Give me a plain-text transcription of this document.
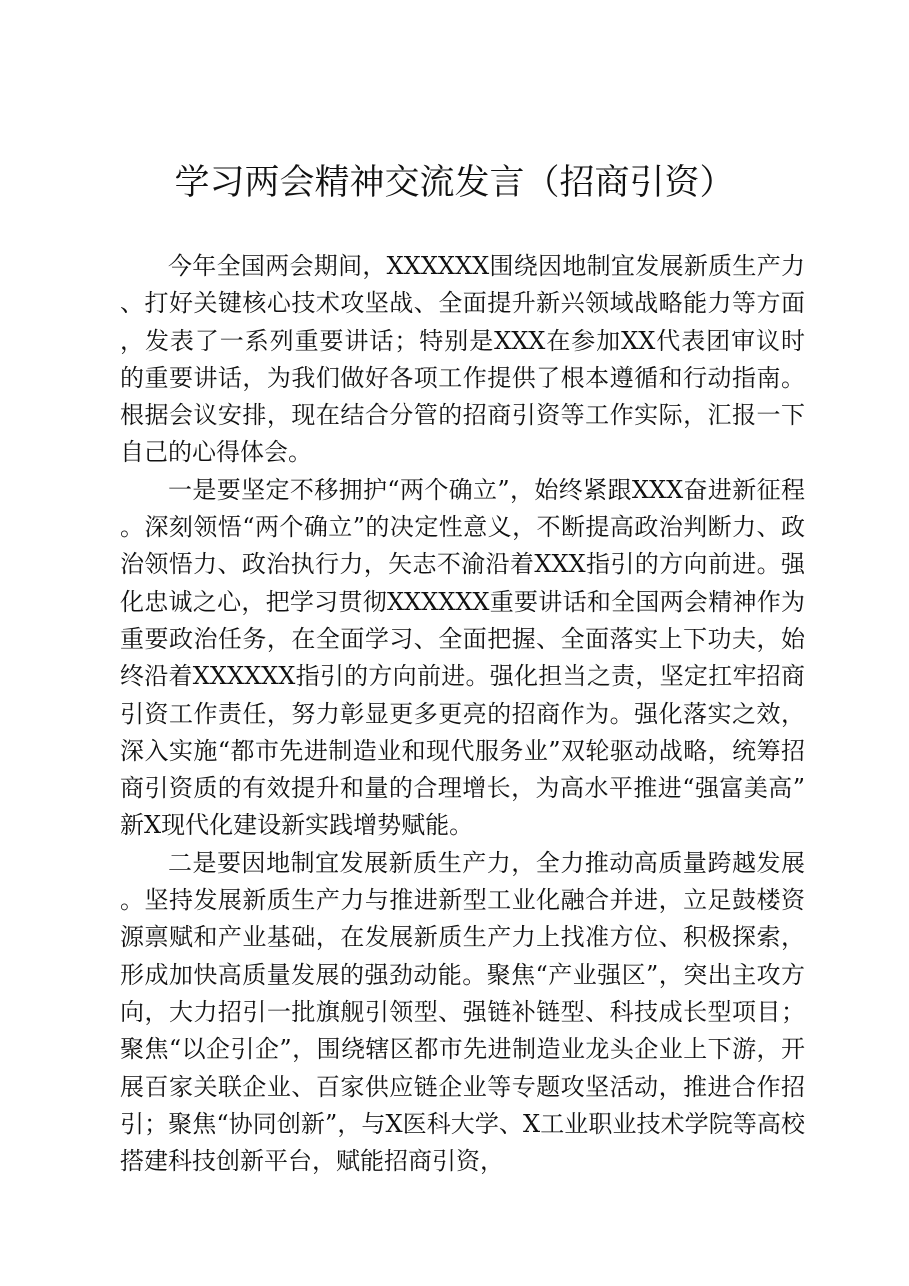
学习两会精神交流发言（招商引资）

今年全国两会期间，XXXXXX围绕因地制宜发展新质生产力、打好关键核心技术攻坚战、全面提升新兴领域战略能力等方面，发表了一系列重要讲话；特别是XXX在参加XX代表团审议时的重要讲话，为我们做好各项工作提供了根本遵循和行动指南。根据会议安排，现在结合分管的招商引资等工作实际，汇报一下自己的心得体会。

一是要坚定不移拥护“两个确立”，始终紧跟XXX奋进新征程。深刻领悟“两个确立”的决定性意义，不断提高政治判断力、政治领悟力、政治执行力，矢志不渝沿着XXX指引的方向前进。强化忠诚之心，把学习贯彻XXXXXX重要讲话和全国两会精神作为重要政治任务，在全面学习、全面把握、全面落实上下功夫，始终沿着XXXXXX指引的方向前进。强化担当之责，坚定扛牢招商引资工作责任，努力彰显更多更亮的招商作为。强化落实之效，深入实施“都市先进制造业和现代服务业”双轮驱动战略，统筹招商引资质的有效提升和量的合理增长，为高水平推进“强富美高”新X现代化建设新实践增势赋能。

二是要因地制宜发展新质生产力，全力推动高质量跨越发展。坚持发展新质生产力与推进新型工业化融合并进，立足鼓楼资源禀赋和产业基础，在发展新质生产力上找准方位、积极探索，形成加快高质量发展的强劲动能。聚焦“产业强区”，突出主攻方向，大力招引一批旗舰引领型、强链补链型、科技成长型项目；聚焦“以企引企”，围绕辖区都市先进制造业龙头企业上下游，开展百家关联企业、百家供应链企业等专题攻坚活动，推进合作招引；聚焦“协同创新”，与X医科大学、X工业职业技术学院等高校搭建科技创新平台，赋能招商引资，
